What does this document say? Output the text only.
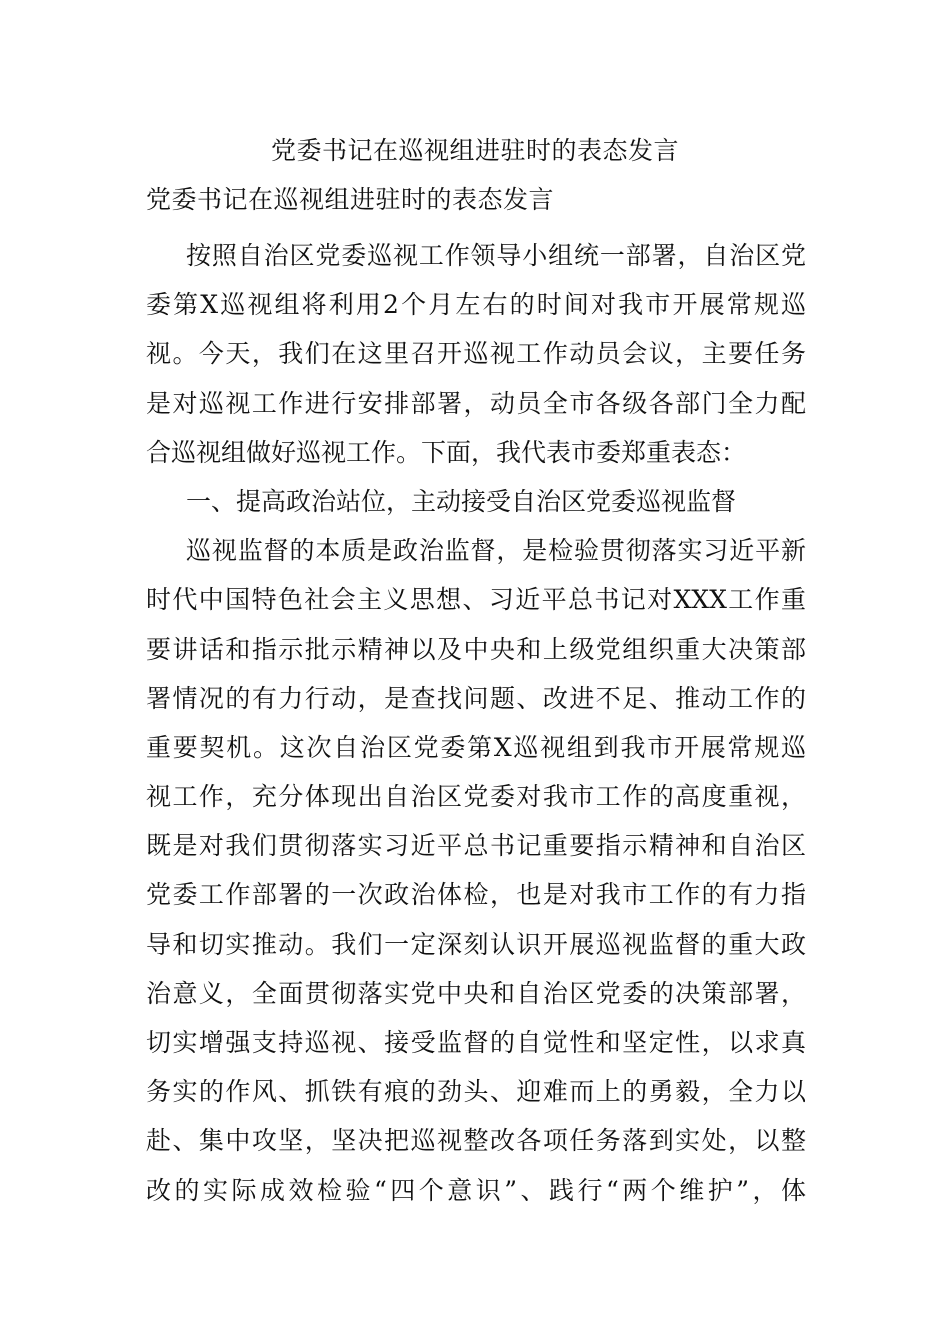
党委书记在巡视组进驻时的表态发言
党委书记在巡视组进驻时的表态发言
按照自治区党委巡视工作领导小组统一部署，自治区党
委第X巡视组将利用2个月左右的时间对我市开展常规巡
视。今天，我们在这里召开巡视工作动员会议，主要任务
是对巡视工作进行安排部署，动员全市各级各部门全力配
合巡视组做好巡视工作。下面，我代表市委郑重表态：
一、提高政治站位，主动接受自治区党委巡视监督
巡视监督的本质是政治监督，是检验贯彻落实习近平新
时代中国特色社会主义思想、习近平总书记对XXX工作重
要讲话和指示批示精神以及中央和上级党组织重大决策部
署情况的有力行动，是查找问题、改进不足、推动工作的
重要契机。这次自治区党委第X巡视组到我市开展常规巡
视工作，充分体现出自治区党委对我市工作的高度重视，
既是对我们贯彻落实习近平总书记重要指示精神和自治区
党委工作部署的一次政治体检，也是对我市工作的有力指
导和切实推动。我们一定深刻认识开展巡视监督的重大政
治意义，全面贯彻落实党中央和自治区党委的决策部署，
切实增强支持巡视、接受监督的自觉性和坚定性，以求真
务实的作风、抓铁有痕的劲头、迎难而上的勇毅，全力以
赴、集中攻坚，坚决把巡视整改各项任务落到实处，以整
改的实际成效检验“四个意识”、践行“两个维护”，体
